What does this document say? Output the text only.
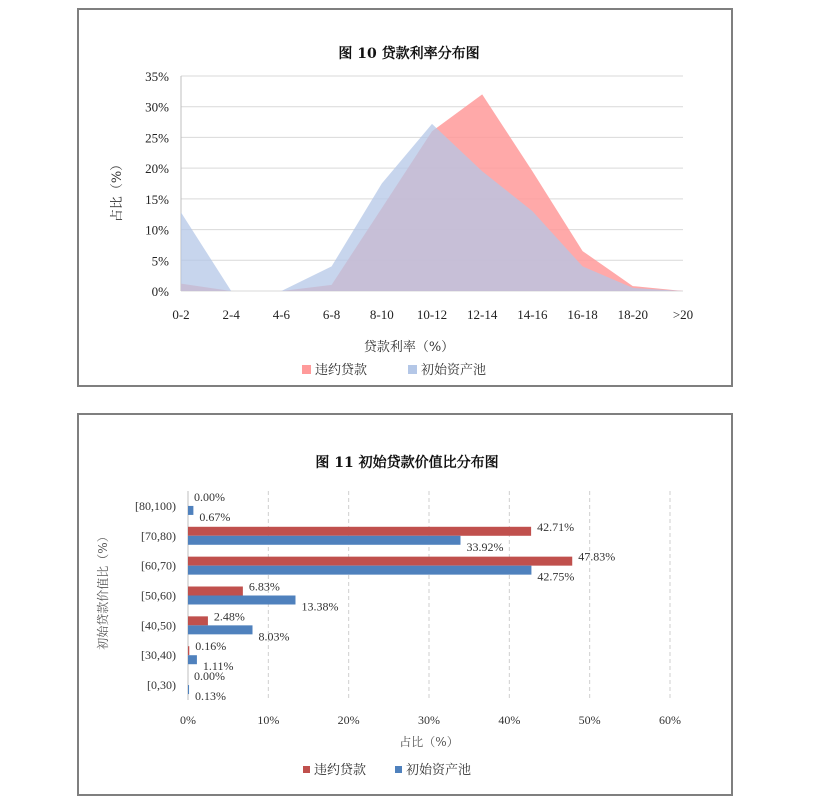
图 10 贷款利率分布图
0%
5%
10%
15%
20%
25%
30%
35%
0-2	2-4	4-6	6-8 8-10 10-12 12-14 14-16 16-18 18-20 >20
贷款利率（%）
占比（%）
违约贷款	初始资产池
图 11 初始贷款价值比分布图
0.00%
0.67%
42.71%
33.92%
47.83%
42.75%
6.83%
13.38%
2.48%
8.03%
0.16%
1.11%
0.00%
0.13%
[80,100)
[70,80)
[60,70)
[50,60)
[40,50)
[30,40)
[0,30)
0%	10%	20%	30%	40%	50%	60%
占比（%）
初始贷款价值比（%）
违约贷款	初始资产池
